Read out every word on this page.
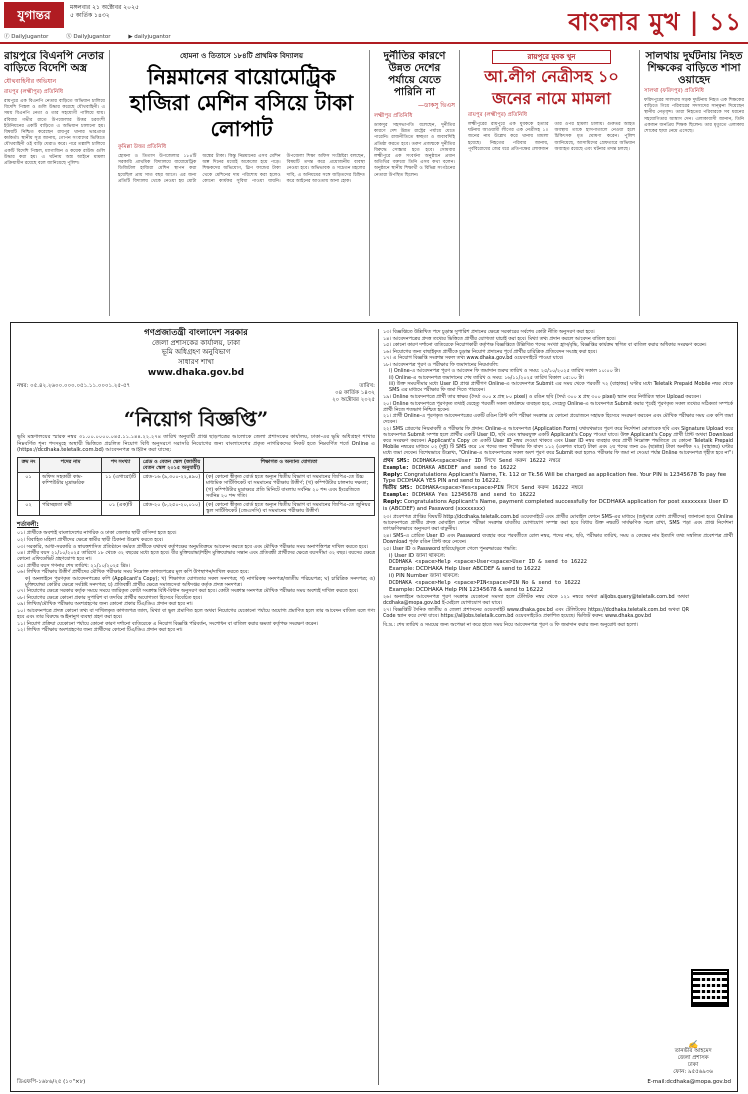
যুগান্তর
মঙ্গলবার ২১ অক্টোবর ২০২৫
৫ কার্তিক ১৪৩২
ⓕ DailyJugantor	Ⓧ DailyJugantor	▶ dailyjugantor
বাংলার মুখ | ১১
রায়পুরে বিএনপি নেতার বাড়িতে বিদেশি অস্ত্র
যৌথবাহিনীর অভিযান
রায়পুর (লক্ষ্মীপুর) প্রতিনিধি

রায়পুরে এক বিএনপি নেতার বাড়িতে অভিযান চালিয়ে বিদেশি পিস্তল ও গুলি উদ্ধার করেছে যৌথবাহিনী। এ সময় বিএনপি নেতা ও তার সহযোগী পালিয়ে যায়। রবিবার গভীর রাতে উপজেলার উত্তর চরবংশী ইউনিয়নের একটি বাড়িতে এ অভিযান চালানো হয়। বিষয়টি নিশ্চিত করেছেন রায়পুর থানার ভারপ্রাপ্ত কর্মকর্তা। স্থানীয় সূত্র জানায়, গোপন সংবাদের ভিত্তিতে যৌথবাহিনী ওই বাড়ি ঘেরাও করে। পরে তল্লাশি চালিয়ে একটি বিদেশি পিস্তল, ম্যাগাজিন ও কয়েক রাউন্ড গুলি উদ্ধার করা হয়। এ ঘটনায় অস্ত্র আইনে মামলা প্রক্রিয়াধীন রয়েছে বলে জানিয়েছে পুলিশ।

হোমনা ও তিতাসে ১৮৪টি প্রাথমিক বিদ্যালয়
নিম্নমানের বায়োমেট্রিক হাজিরা মেশিন বসিয়ে টাকা লোপাট
কুমিল্লা উত্তর প্রতিনিধি

হোমনা ও তিতাস উপজেলার ১৮৪টি সরকারি প্রাথমিক বিদ্যালয়ে বায়োমেট্রিক ডিজিটাল হাজিরা মেশিন স্থাপন করা হয়েছিল প্রায় সাত বছর আগে। এর জন্য প্রতিটি বিদ্যালয় থেকে নেওয়া হয় মোটা অঙ্কের টাকা। কিন্তু নিম্নমানের এসব মেশিন অল্প দিনের মধ্যেই অকেজো হয়ে পড়ে। শিক্ষকদের অভিযোগ, স্লিপ ফান্ডের টাকা থেকে মেশিনের দাম পরিশোধ করা হলেও কোনো কার্যকর সুবিধা পাওয়া যায়নি। উপজেলা শিক্ষা অফিস সংশ্লিষ্টরা বলছেন, বিষয়টি তদন্ত করে প্রয়োজনীয় ব্যবস্থা নেওয়া হবে। অভিভাবক ও সচেতন মহলের দাবি, এ অনিয়মের সঙ্গে জড়িতদের চিহ্নিত করে আইনের আওতায় আনা হোক।

দুর্নীতির কারণে উন্নত দেশের পর্যায়ে যেতে পারিনি না
—ডাকসু ভিএস
লক্ষ্মীপুর প্রতিনিধি

ডাকসুর সহসভাপতি বলেছেন, দুর্নীতির কারণে দেশ উন্নত রাষ্ট্রের পর্যায়ে যেতে পারেনি। রাজনীতিতে স্বচ্ছতা ও জবাবদিহি প্রতিষ্ঠা করতে হবে। তরুণ প্রজন্মকে দুর্নীতির বিরুদ্ধে সোচ্চার হতে হবে। সোমবার লক্ষ্মীপুরে এক সংবর্ধনা অনুষ্ঠানে প্রধান অতিথির বক্তব্যে তিনি এসব কথা বলেন। অনুষ্ঠানে স্থানীয় শিক্ষার্থী ও বিভিন্ন সংগঠনের নেতারা উপস্থিত ছিলেন।

রায়পুরে যুবক খুন
আ.লীগ নেত্রীসহ ১০ জনের নামে মামলা
রায়পুর (লক্ষ্মীপুর) প্রতিনিধি

লক্ষ্মীপুরের রায়পুরে এক যুবককে হত্যার ঘটনায় আওয়ামী লীগের এক নেত্রীসহ ১০ জনের নাম উল্লেখ করে থানায় মামলা হয়েছে। নিহতের পরিবার জানায়, পূর্ববিরোধের জের ধরে প্রতিপক্ষের লোকজন তার ওপর হামলা চালায়। গুরুতর আহত অবস্থায় তাকে হাসপাতালে নেওয়া হলে চিকিৎসক মৃত ঘোষণা করেন। পুলিশ জানিয়েছে, আসামিদের গ্রেফতারে অভিযান অব্যাহত রয়েছে এবং ঘটনার তদন্ত চলছে।

সালথায় দুর্ঘটনায় নিহত শিক্ষকের বাড়িতে শাসা ওয়াহেদ
সালথা (ফরিদপুর) প্রতিনিধি

ফরিদপুরের সালথায় সড়ক দুর্ঘটনায় নিহত এক শিক্ষকের বাড়িতে গিয়ে পরিবারের সদস্যদের সান্ত্বনা দিয়েছেন স্থানীয় নেতৃবৃন্দ। তারা নিহতের পরিবারকে সব ধরনের সহযোগিতার আশ্বাস দেন। এলাকাবাসী জানান, তিনি একজন জনপ্রিয় শিক্ষক ছিলেন। তার মৃত্যুতে এলাকায় শোকের ছায়া নেমে এসেছে।

গণপ্রজাতন্ত্রী বাংলাদেশ সরকার
জেলা প্রশাসকের কার্যালয়, ঢাকা
ভূমি অধিগ্রহণ অনুবিভাগ
সাধারণ শাখা
www.dhaka.gov.bd
নম্বর: ০৫.৪২.২৬০০.০০০.০৫১.১১.০০০১.২৫-৫৭	তারিখ:
০৪ কার্তিক ১৪৩২
২০ অক্টোবর ২০২৫
“নিয়োগ বিজ্ঞপ্তি”
ভূমি মন্ত্রণালয়ের স্মারক নম্বর ৩১.০০.০০০০.০৪৫.১১.১৪৪.২২.২৭৪ তারিখ অনুযায়ী প্রাপ্ত ছাড়পত্রের আলোকে জেলা প্রশাসকের কার্যালয়, ঢাকা-এর ভূমি অধিগ্রহণ শাখার নিম্নবর্ণিত শূন্য পদসমূহে অস্থায়ী ভিত্তিতে প্রচলিত নিয়োগ বিধি অনুসরণে সরাসরি নিয়োগের জন্য বাংলাদেশের প্রকৃত নাগরিকদের নিকট হতে নিম্নবর্ণিত শর্তে Online এ (https://dcdhaka.teletalk.com.bd) আবেদনপত্র আহ্বান করা যাচ্ছে:
ক্রম নং	পদের নাম	পদ সংখ্যা	গ্রেড ও বেতন স্কেল (জাতীয় বেতন স্কেল ২০১৫ অনুযায়ী)	শিক্ষাগত ও অন্যান্য যোগ্যতা
০১	অফিস সহকারী কাম-কম্পিউটার মুদ্রাক্ষরিক	১১ (এগারো)টি	গ্রেড-১৬ (৯,৩০০-২২,৪৯০)	(ক) কোনো স্বীকৃত বোর্ড হতে অন্যূন দ্বিতীয় বিভাগ বা সমমানের জিপিএ-তে উচ্চ মাধ্যমিক সার্টিফিকেট বা সমমানের পরীক্ষায় উত্তীর্ণ; (খ) কম্পিউটার চালনায় দক্ষতা; (গ) কম্পিউটার মুদ্রাক্ষরে প্রতি মিনিটে বাংলায় সর্বনিম্ন ২০ শব্দ এবং ইংরেজিতে সর্বনিম্ন ২০ শব্দ গতি।
০২	পরিচ্ছন্নতা কর্মী	০১ (এক)টি	গ্রেড-২০ (৮,২৫০-২০,০১০)	(ক) কোনো স্বীকৃত বোর্ড হতে অন্যূন দ্বিতীয় বিভাগ বা সমমানের জিপিএ-তে জুনিয়র স্কুল সার্টিফিকেট (জেএসসি) বা সমমানের পরীক্ষায় উত্তীর্ণ।
শর্তাবলী:
০১। প্রার্থীকে অবশ্যই বাংলাদেশের নাগরিক ও ঢাকা জেলার স্থায়ী বাসিন্দা হতে হবে।
০২। বিবাহিত মহিলা প্রার্থীদের ক্ষেত্রে স্বামীর স্থায়ী ঠিকানা উল্লেখ করতে হবে।
০৩। সরকারি, আধা-সরকারি ও স্বায়ত্তশাসিত প্রতিষ্ঠানে কর্মরত প্রার্থীকে যথাযথ কর্তৃপক্ষের অনুমতিক্রমে আবেদন করতে হবে এবং মৌখিক পরীক্ষার সময় অনাপত্তিপত্র দাখিল করতে হবে।
০৪। প্রার্থীর বয়স ২১/১০/২০২৫ তারিখে ১৮ থেকে ৩২ বছরের মধ্যে হতে হবে। বীর মুক্তিযোদ্ধা/শহীদ মুক্তিযোদ্ধার সন্তান এবং প্রতিবন্ধী প্রার্থীদের ক্ষেত্রে বয়সসীমা ৩২ বছর। বয়সের ক্ষেত্রে কোনো এফিডেভিট গ্রহণযোগ্য হবে না।
০৫। প্রার্থীর বয়স গণনার শেষ তারিখ: ২১/১০/২০২৫ খ্রিঃ।
০৬। লিখিত পরীক্ষায় উত্তীর্ণ প্রার্থীদের মৌখিক পরীক্ষার সময় নিম্নোক্ত কাগজপত্রের মূল কপি উপস্থাপন/দাখিল করতে হবে:
ক) অনলাইনে পূরণকৃত আবেদনপত্রের কপি (Applicant's Copy); খ) শিক্ষাগত যোগ্যতার সকল সনদপত্র; গ) নাগরিকত্ব সনদপত্র/জাতীয় পরিচয়পত্র; ঘ) চারিত্রিক সনদপত্র; ঙ) মুক্তিযোদ্ধা কোটার ক্ষেত্রে সংশ্লিষ্ট সনদপত্র; চ) প্রতিবন্ধী প্রার্থীর ক্ষেত্রে সমাজসেবা অধিদপ্তর কর্তৃক প্রদত্ত সনদপত্র।
০৭। নিয়োগের ক্ষেত্রে সরকার কর্তৃক সময়ে সময়ে জারিকৃত কোটা সংক্রান্ত বিধি-বিধান অনুসরণ করা হবে। কোটা সংক্রান্ত সনদপত্র মৌখিক পরীক্ষার সময় অবশ্যই দাখিল করতে হবে।
০৮। নিয়োগের ক্ষেত্রে কোনো প্রকার সুপারিশ বা তদবির প্রার্থীর অযোগ্যতা হিসেবে বিবেচিত হবে।
০৯। লিখিত/মৌখিক পরীক্ষায় অংশগ্রহণের জন্য কোনো প্রকার টিএ/ডিএ প্রদান করা হবে না।
১০। আবেদনপত্রে প্রদত্ত কোনো তথ্য বা দাখিলকৃত কাগজপত্র জাল, মিথ্যা বা ভুল প্রমাণিত হলে অথবা নিয়োগের যেকোনো পর্যায়ে অযোগ্য প্রমাণিত হলে তার আবেদন বাতিল বলে গণ্য হবে এবং তার বিরুদ্ধে আইনানুগ ব্যবস্থা গ্রহণ করা হবে।
১১। নিয়োগ প্রক্রিয়া যেকোনো পর্যায়ে কোনো কারণ দর্শানো ব্যতিরেকে এ নিয়োগ বিজ্ঞপ্তি পরিবর্তন, সংশোধন বা বাতিল করার ক্ষমতা কর্তৃপক্ষ সংরক্ষণ করেন।
১২। লিখিত পরীক্ষায় অংশগ্রহণের জন্য প্রার্থীদের কোনো টিএ/ডিএ প্রদান করা হবে না।
১৩। বিজ্ঞপ্তিতে উল্লিখিত পদে চূড়ান্ত সুপারিশ প্রদানের ক্ষেত্রে সরকারের সর্বশেষ কোটা নীতি অনুসরণ করা হবে।
১৪। আবেদনপত্রের প্রদত্ত তথ্যের ভিত্তিতে প্রার্থীর যোগ্যতা যাচাই করা হবে। মিথ্যা তথ্য প্রদান করলে আবেদন বাতিল হবে।
১৫। কোনো কারণ দর্শানো ব্যতিরেকে নিয়োগকারী কর্তৃপক্ষ বিজ্ঞপ্তিতে উল্লিখিত পদের সংখ্যা হ্রাস/বৃদ্ধি, বিজ্ঞপ্তির কার্যক্রম স্থগিত বা বাতিল করার অধিকার সংরক্ষণ করেন।
১৬। নিয়োগের জন্য বাছাইকৃত প্রার্থীকে চূড়ান্ত নিয়োগ প্রদানের পূর্বে প্রার্থীর চারিত্রিক প্রতিবেদন সংগ্রহ করা হবে।
১৭। এ নিয়োগ বিজ্ঞপ্তি সংক্রান্ত সকল তথ্য www.dhaka.gov.bd ওয়েবসাইটে পাওয়া যাবে।
১৮। আবেদনপত্র পূরণ ও পরীক্ষার ফি জমাদানের নিয়মাবলি:
i) Online-এ আবেদনপত্র পূরণ ও আবেদন ফি জমাদান শুরুর তারিখ ও সময়: ২৫/১০/২০২৫ তারিখ সকাল ১০:০০ টা।
ii) Online-এ আবেদনপত্র জমাদানের শেষ তারিখ ও সময়: ১৬/১১/২০২৫ তারিখ বিকাল ০৫:০০ টা।
iii) উক্ত সময়সীমার মধ্যে User ID প্রাপ্ত প্রার্থীগণ Online-এ আবেদনপত্র Submit এর সময় থেকে পরবর্তী ৭২ (বাহাত্তর) ঘণ্টার মধ্যে Teletalk Prepaid Mobile নম্বর থেকে SMS এর মাধ্যমে পরীক্ষার ফি জমা দিতে পারবেন।
১৯। Online আবেদনপত্রে প্রার্থী তার স্বাক্ষর (দৈর্ঘ্য ৩০০ x প্রস্থ ৮০ pixel) ও রঙিন ছবি (দৈর্ঘ্য ৩০০ x প্রস্থ ৩০০ pixel) স্ক্যান করে নির্ধারিত স্থানে Upload করবেন।
২০। Online আবেদনপত্রে পূরণকৃত তথ্যই যেহেতু পরবর্তী সকল কার্যক্রমে ব্যবহৃত হবে, সেহেতু Online-এ আবেদনপত্র Submit করার পূর্বেই পূরণকৃত সকল তথ্যের সঠিকতা সম্পর্কে প্রার্থী নিজে শতভাগ নিশ্চিত হবেন।
২১। প্রার্থী Online-এ পূরণকৃত আবেদনপত্রের একটি রঙিন প্রিন্ট কপি পরীক্ষা সংক্রান্ত যে কোনো প্রয়োজনে সহায়ক হিসেবে সংরক্ষণ করবেন এবং মৌখিক পরীক্ষার সময় এক কপি জমা দেবেন।
২২। SMS প্রেরণের নিয়মাবলী ও পরীক্ষার ফি প্রদান: Online-এ আবেদনপত্র (Application Form) যথাযথভাবে পূরণ করে নির্দেশনা মোতাবেক ছবি এবং Signature Upload করে আবেদনপত্র Submit সম্পন্ন হলে প্রার্থীর একটি User ID, ছবি এবং স্বাক্ষরযুক্ত একটি Applicant's Copy পাওয়া যাবে। উক্ত Applicant's Copy প্রার্থী প্রিন্ট অথবা Download করে সংরক্ষণ করবেন। Applicant's Copy তে একটি User ID নম্বর দেওয়া থাকবে এবং User ID নম্বর ব্যবহার করে প্রার্থী নিম্নোক্ত পদ্ধতিতে যে কোনো Teletalk Prepaid Mobile নম্বরের মাধ্যমে ০২ (দুই) টি SMS করে ১ম পদের জন্য পরীক্ষার ফি বাবদ ১১২ (একশত বারো) টাকা এবং ২য় পদের জন্য ৫৬ (ছাপ্পান্ন) টাকা অনধিক ৭২ (বাহাত্তর) ঘণ্টার মধ্যে জমা দেবেন। বিশেষভাবে উল্লেখ্য, "Online-এ আবেদনপত্রের সকল অংশ পূরণ করে Submit করা হলেও পরীক্ষার ফি জমা না দেওয়া পর্যন্ত Online আবেদনপত্র গৃহীত হবে না"।
প্রথম SMS: DCDHAKA<space>User ID লিখে Send করুন 16222 নম্বরে
Example: DCDHAKA ABCDEF and send to 16222
Reply: Congratulations Applicant's Name, Tk. 112 or Tk.56 Will be charged as application fee. Your PIN is 12345678 To pay fee Type DCDHAKA YES PIN and send to 16222.
দ্বিতীয় SMS: DCDHAKA<space>Yes<space>PIN লিখে Send করুন 16222 নম্বরে
Example: DCDHAKA Yes 12345678 and send to 16222
Reply: Congratulations Applicant's Name, payment completed successfully for DCDHAKA application for post xxxxxxxx User ID is (ABCDEF) and Password (xxxxxxxx)
২৩। প্রবেশপত্র প্রাপ্তির বিষয়টি http://dcdhaka.teletalk.com.bd ওয়েবসাইটে এবং প্রার্থীর মোবাইল ফোনে SMS-এর মাধ্যমে (শুধুমাত্র যোগ্য প্রার্থীদের) জানানো হবে। Online আবেদনপত্রে প্রার্থীর প্রদত্ত মোবাইল ফোনে পরীক্ষা সংক্রান্ত যাবতীয় যোগাযোগ সম্পন্ন করা হবে বিধায় উক্ত নম্বরটি সার্বক্ষণিক সচল রাখা, SMS পড়া এবং প্রাপ্ত নির্দেশনা তাৎক্ষণিকভাবে অনুসরণ করা বাঞ্ছনীয়।
২৪। SMS-এ প্রেরিত User ID এবং Password ব্যবহার করে পরবর্তীতে রোল নম্বর, পদের নাম, ছবি, পরীক্ষার তারিখ, সময় ও কেন্দ্রের নাম ইত্যাদি তথ্য সম্বলিত প্রবেশপত্র প্রার্থী Download পূর্বক রঙিন প্রিন্ট করে নেবেন।
২৫। User ID ও Password হারিয়ে/ভুলে গেলে পুনরুদ্ধারের পদ্ধতি:
i) User ID জানা থাকলে:
DCDHAKA <space>Help <space>User<space>User ID & send to 16222
Example: DCDHAKA Help User ABCDEF & send to 16222
ii) PIN Number জানা থাকলে:
DCDHAKA <space>Help <space>PIN<space>PIN No & send to 16222
Example: DCDHAKA Help PIN 12345678 & send to 16222
২৬। অনলাইনে আবেদনপত্র পূরণ সংক্রান্ত যেকোনো সমস্যা হলে টেলিটক নম্বর থেকে ১২১ নম্বরে অথবা alljobs.query@teletalk.com.bd অথবা dcdhaka@mopa.gov.bd ই-মেইলে যোগাযোগ করা যাবে।
২৭। বিজ্ঞপ্তিটি দৈনিক জাতীয় ও জেলা প্রশাসনের ওয়েবসাইট www.dhaka.gov.bd এবং টেলিটকের https://dcdhaka.teletalk.com.bd অথবা QR Code স্ক্যান করে দেখা যাবে। https://alljobs.teletalk.com.bd ওয়েবসাইটেও প্রকাশিত হয়েছে। ভিজিট করুন: www.dhaka.gov.bd
বি.দ্র.: শেষ তারিখ ও সময়ের জন্য অপেক্ষা না করে হাতে সময় নিয়ে আবেদনপত্র পূরণ ও ফি জমাদান করার জন্য অনুরোধ করা হলো।
✍
তানভীর আহমেদ
জেলা প্রশাসক
ঢাকা
ফোন: ৯৫৫৬৯৩৬
ডিএফপি-১৬৮৬/২৫ (১০"×৮)	E-mail:dcdhaka@mopa.gov.bd
